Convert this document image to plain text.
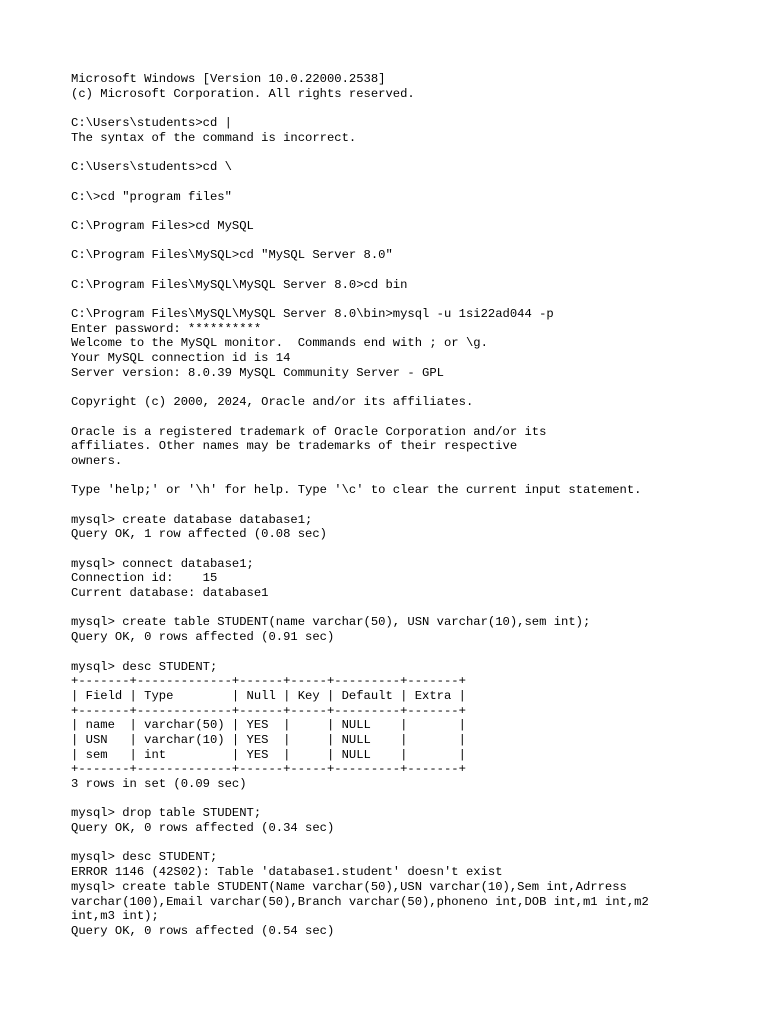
Microsoft Windows [Version 10.0.22000.2538]
(c) Microsoft Corporation. All rights reserved.
C:\Users\students>cd |
The syntax of the command is incorrect.
C:\Users\students>cd \
C:\>cd "program files"
C:\Program Files>cd MySQL
C:\Program Files\MySQL>cd "MySQL Server 8.0"
C:\Program Files\MySQL\MySQL Server 8.0>cd bin
C:\Program Files\MySQL\MySQL Server 8.0\bin>mysql -u 1si22ad044 -p
Enter password: **********
Welcome to the MySQL monitor.  Commands end with ; or \g.
Your MySQL connection id is 14
Server version: 8.0.39 MySQL Community Server - GPL
Copyright (c) 2000, 2024, Oracle and/or its affiliates.
Oracle is a registered trademark of Oracle Corporation and/or its
affiliates. Other names may be trademarks of their respective
owners.
Type 'help;' or '\h' for help. Type '\c' to clear the current input statement.
mysql> create database database1;
Query OK, 1 row affected (0.08 sec)
mysql> connect database1;
Connection id:    15
Current database: database1
mysql> create table STUDENT(name varchar(50), USN varchar(10),sem int);
Query OK, 0 rows affected (0.91 sec)
mysql> desc STUDENT;
+-------+-------------+------+-----+---------+-------+
| Field | Type        | Null | Key | Default | Extra |
+-------+-------------+------+-----+---------+-------+
| name  | varchar(50) | YES  |     | NULL    |       |
| USN   | varchar(10) | YES  |     | NULL    |       |
| sem   | int         | YES  |     | NULL    |       |
+-------+-------------+------+-----+---------+-------+
3 rows in set (0.09 sec)
mysql> drop table STUDENT;
Query OK, 0 rows affected (0.34 sec)
mysql> desc STUDENT;
ERROR 1146 (42S02): Table 'database1.student' doesn't exist
mysql> create table STUDENT(Name varchar(50),USN varchar(10),Sem int,Adrress
varchar(100),Email varchar(50),Branch varchar(50),phoneno int,DOB int,m1 int,m2
int,m3 int);
Query OK, 0 rows affected (0.54 sec)
